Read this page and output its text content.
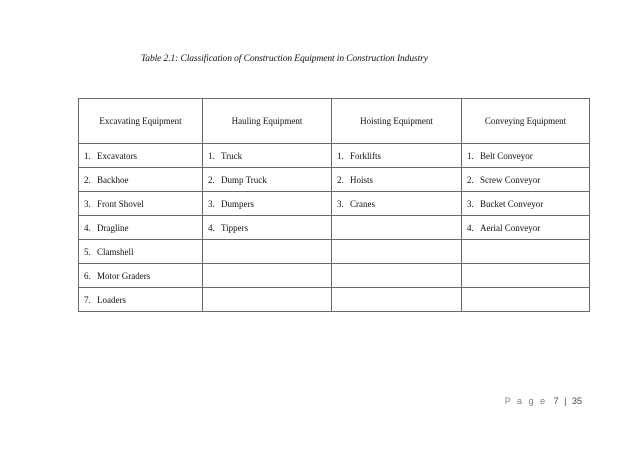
Table 2.1: Classification of Construction Equipment in Construction Industry
Excavating Equipment	Hauling Equipment	Hoisting Equipment	Conveying Equipment
1. Excavators	1. Truck	1. Forklifts	1. Belt Conveyor
2. Backhoe	2. Dump Truck	2. Hoists	2. Screw Conveyor
3. Front Shovel	3. Dumpers	3. Cranes	3. Bucket Conveyor
4. Dragline	4. Tippers		4. Aerial Conveyor
5. Clamshell			
6. Motor Graders			
7. Loaders			
P a g e 7 | 35
